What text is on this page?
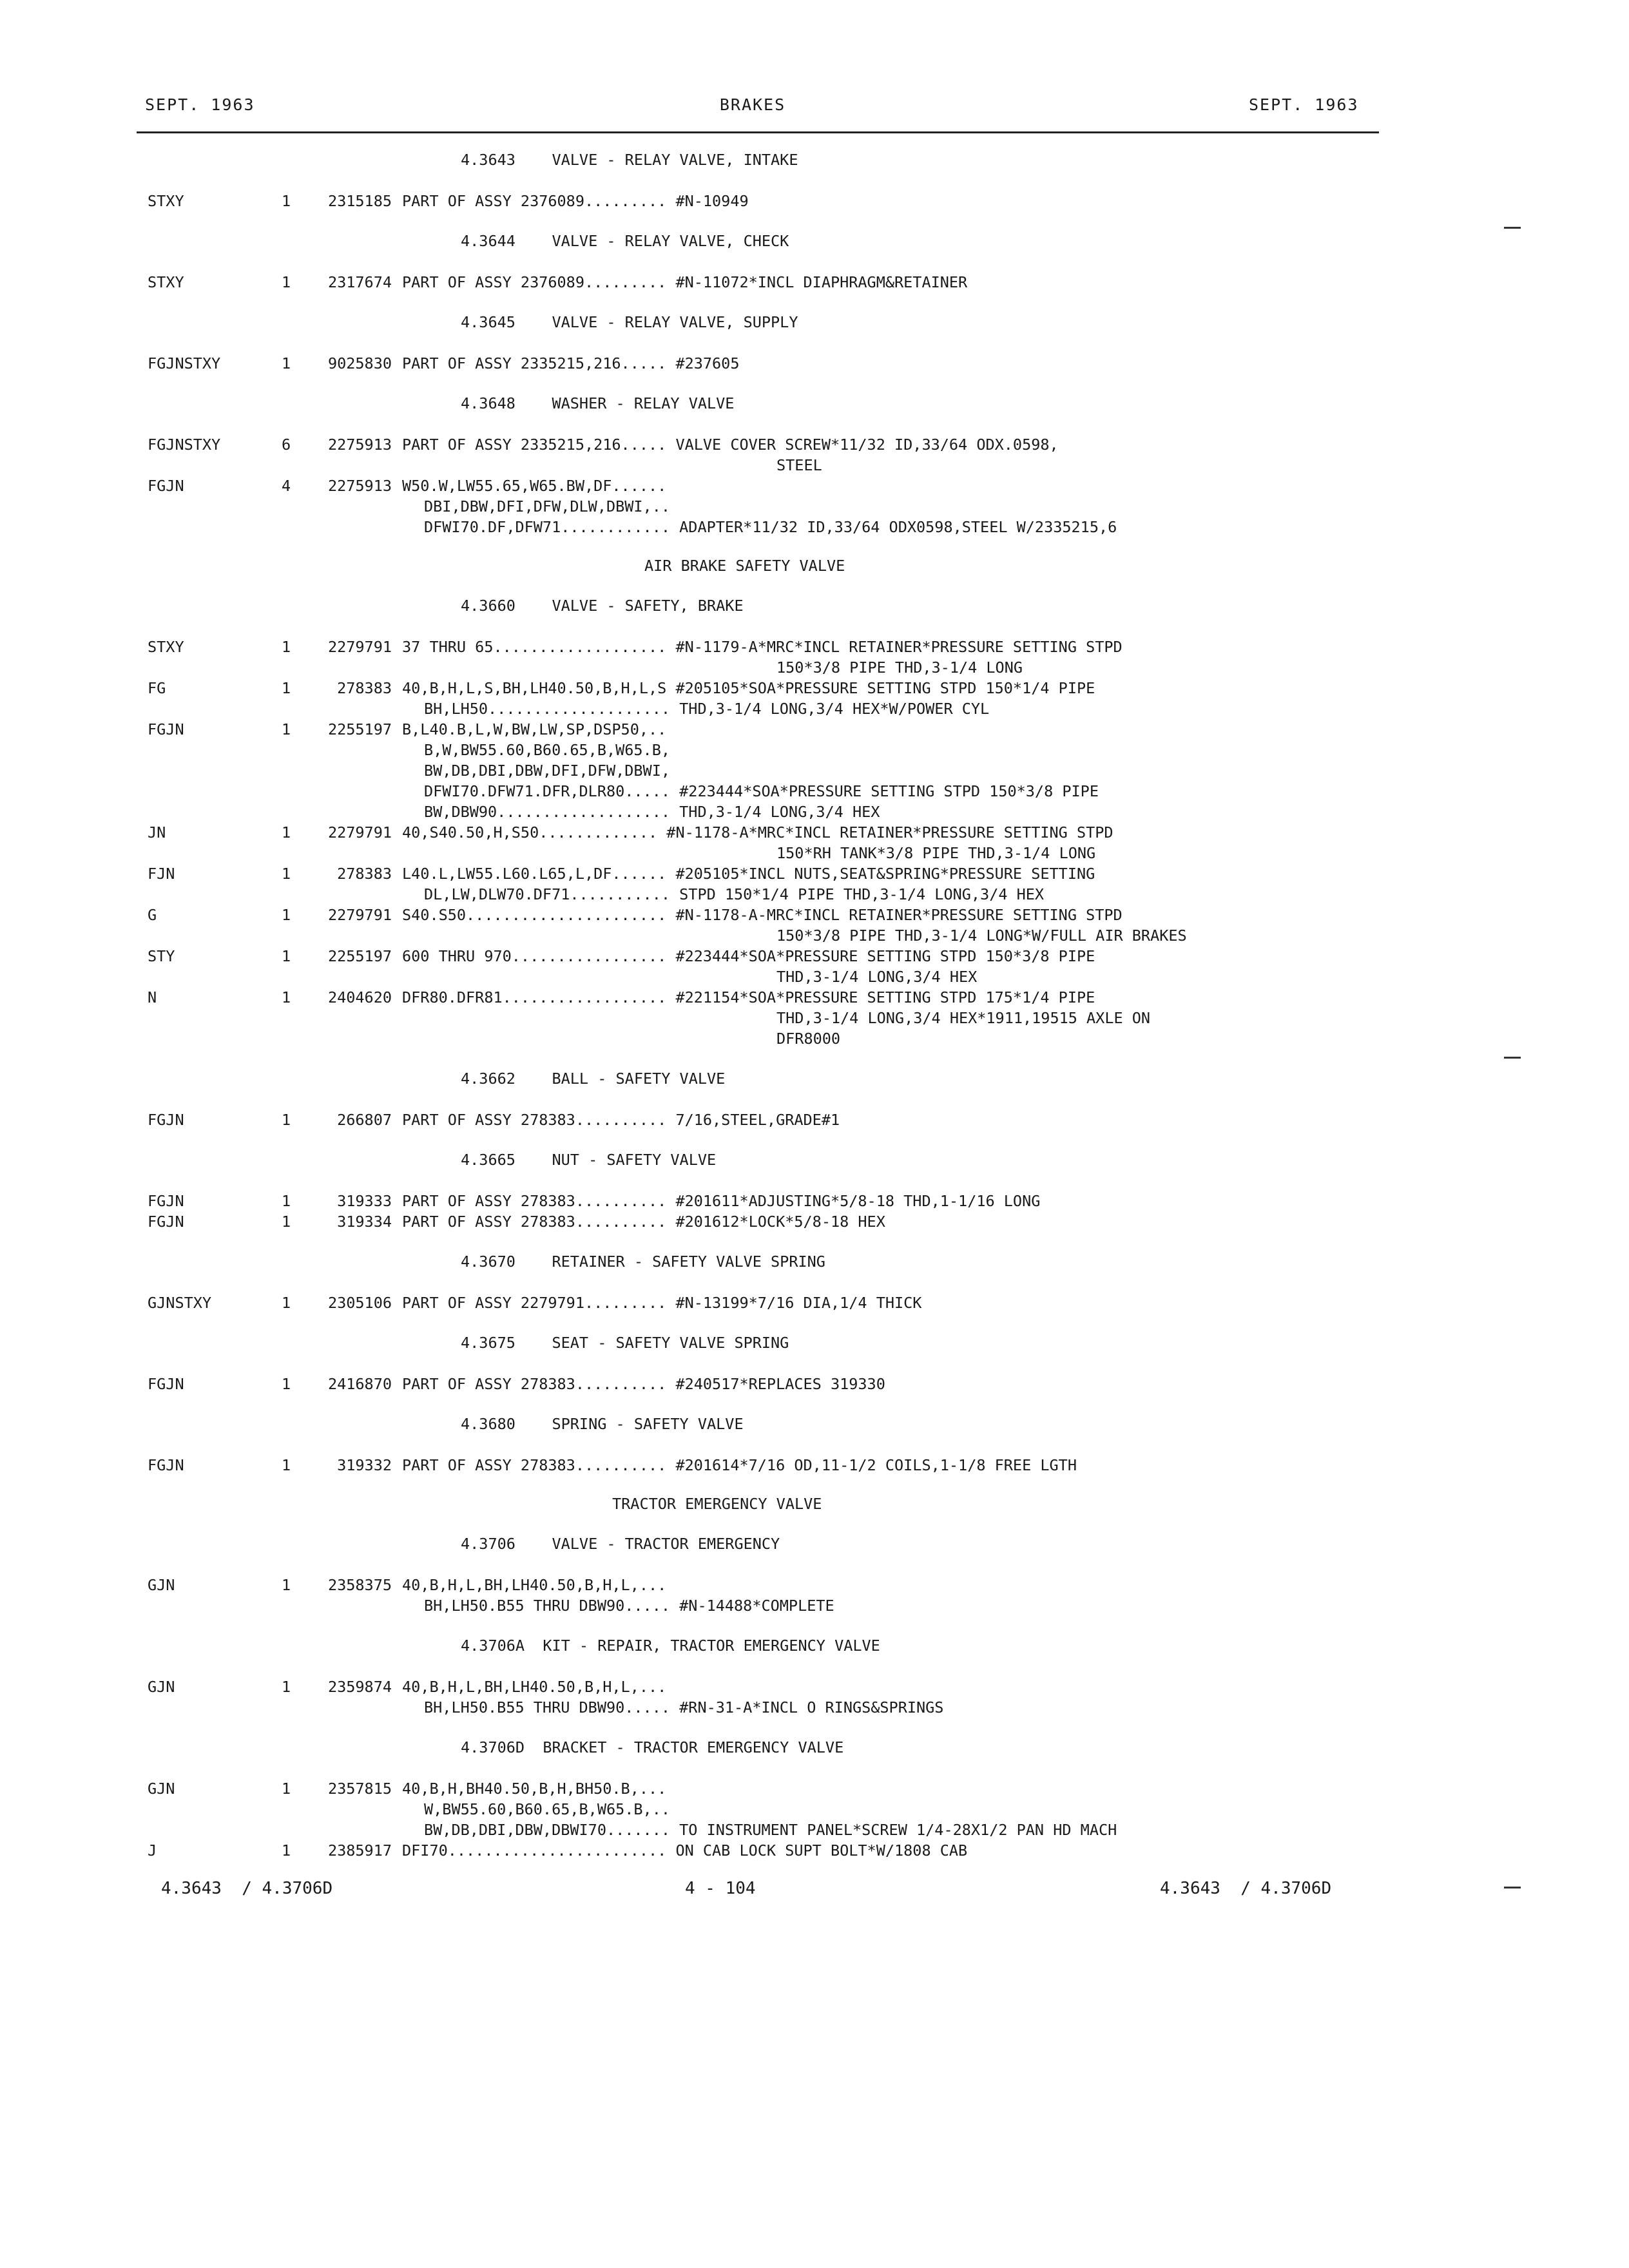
SEPT. 1963	BRAKES	SEPT. 1963
4.3643    VALVE - RELAY VALVE, INTAKE
STXY	1	2315185 PART OF ASSY 2376089......... #N-10949
4.3644    VALVE - RELAY VALVE, CHECK
STXY	1	2317674 PART OF ASSY 2376089......... #N-11072*INCL DIAPHRAGM&RETAINER
4.3645    VALVE - RELAY VALVE, SUPPLY
FGJNSTXY	1	9025830 PART OF ASSY 2335215,216..... #237605
4.3648    WASHER - RELAY VALVE
FGJNSTXY	6	2275913 PART OF ASSY 2335215,216..... VALVE COVER SCREW*11/32 ID,33/64 ODX.0598,
STEEL
FGJN	4	2275913 W50.W,LW55.65,W65.BW,DF......
DBI,DBW,DFI,DFW,DLW,DBWI,..
DFWI70.DF,DFW71............ ADAPTER*11/32 ID,33/64 ODX0598,STEEL W/2335215,6
AIR BRAKE SAFETY VALVE
4.3660    VALVE - SAFETY, BRAKE
STXY	1	2279791 37 THRU 65................... #N-1179-A*MRC*INCL RETAINER*PRESSURE SETTING STPD
150*3/8 PIPE THD,3-1/4 LONG
FG	1	278383 40,B,H,L,S,BH,LH40.50,B,H,L,S #205105*SOA*PRESSURE SETTING STPD 150*1/4 PIPE
BH,LH50.................... THD,3-1/4 LONG,3/4 HEX*W/POWER CYL
FGJN	1	2255197 B,L40.B,L,W,BW,LW,SP,DSP50,..
B,W,BW55.60,B60.65,B,W65.B,
BW,DB,DBI,DBW,DFI,DFW,DBWI,
DFWI70.DFW71.DFR,DLR80..... #223444*SOA*PRESSURE SETTING STPD 150*3/8 PIPE
BW,DBW90................... THD,3-1/4 LONG,3/4 HEX
JN	1	2279791 40,S40.50,H,S50............. #N-1178-A*MRC*INCL RETAINER*PRESSURE SETTING STPD
150*RH TANK*3/8 PIPE THD,3-1/4 LONG
FJN	1	278383 L40.L,LW55.L60.L65,L,DF...... #205105*INCL NUTS,SEAT&SPRING*PRESSURE SETTING
DL,LW,DLW70.DF71........... STPD 150*1/4 PIPE THD,3-1/4 LONG,3/4 HEX
G	1	2279791 S40.S50...................... #N-1178-A-MRC*INCL RETAINER*PRESSURE SETTING STPD
150*3/8 PIPE THD,3-1/4 LONG*W/FULL AIR BRAKES
STY	1	2255197 600 THRU 970................. #223444*SOA*PRESSURE SETTING STPD 150*3/8 PIPE
THD,3-1/4 LONG,3/4 HEX
N	1	2404620 DFR80.DFR81.................. #221154*SOA*PRESSURE SETTING STPD 175*1/4 PIPE
THD,3-1/4 LONG,3/4 HEX*1911,19515 AXLE ON
DFR8000
4.3662    BALL - SAFETY VALVE
FGJN	1	266807 PART OF ASSY 278383.......... 7/16,STEEL,GRADE#1
4.3665    NUT - SAFETY VALVE
FGJN	1	319333 PART OF ASSY 278383.......... #201611*ADJUSTING*5/8-18 THD,1-1/16 LONG
FGJN	1	319334 PART OF ASSY 278383.......... #201612*LOCK*5/8-18 HEX
4.3670    RETAINER - SAFETY VALVE SPRING
GJNSTXY	1	2305106 PART OF ASSY 2279791......... #N-13199*7/16 DIA,1/4 THICK
4.3675    SEAT - SAFETY VALVE SPRING
FGJN	1	2416870 PART OF ASSY 278383.......... #240517*REPLACES 319330
4.3680    SPRING - SAFETY VALVE
FGJN	1	319332 PART OF ASSY 278383.......... #201614*7/16 OD,11-1/2 COILS,1-1/8 FREE LGTH
TRACTOR EMERGENCY VALVE
4.3706    VALVE - TRACTOR EMERGENCY
GJN	1	2358375 40,B,H,L,BH,LH40.50,B,H,L,...
BH,LH50.B55 THRU DBW90..... #N-14488*COMPLETE
4.3706A  KIT - REPAIR, TRACTOR EMERGENCY VALVE
GJN	1	2359874 40,B,H,L,BH,LH40.50,B,H,L,...
BH,LH50.B55 THRU DBW90..... #RN-31-A*INCL O RINGS&SPRINGS
4.3706D  BRACKET - TRACTOR EMERGENCY VALVE
GJN	1	2357815 40,B,H,BH40.50,B,H,BH50.B,...
W,BW55.60,B60.65,B,W65.B,..
BW,DB,DBI,DBW,DBWI70....... TO INSTRUMENT PANEL*SCREW 1/4-28X1/2 PAN HD MACH
J	1	2385917 DFI70........................ ON CAB LOCK SUPT BOLT*W/1808 CAB
4.3643  / 4.3706D	4 - 104	4.3643  / 4.3706D
